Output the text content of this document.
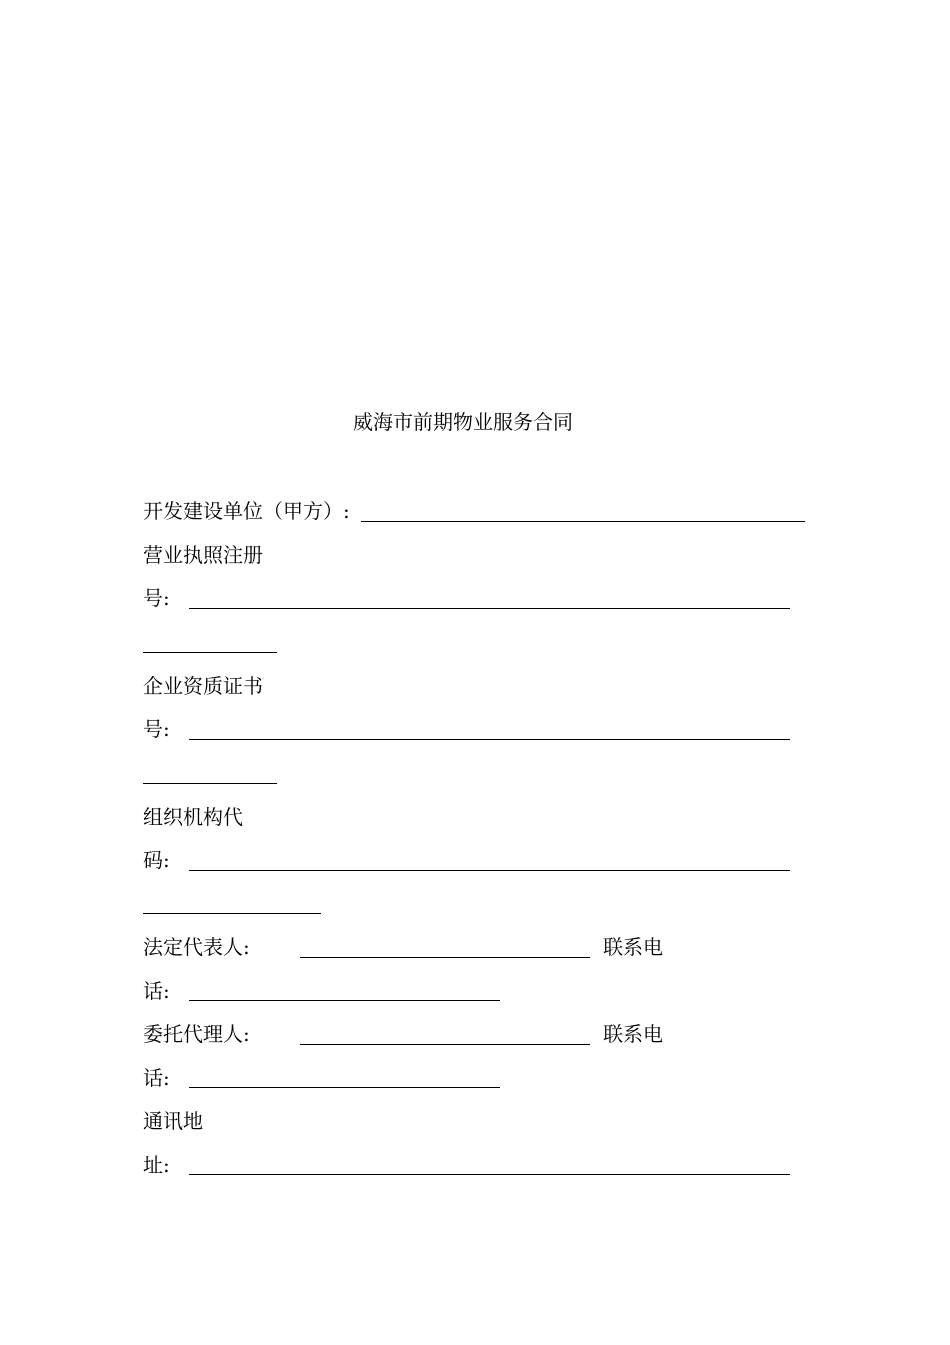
威海市前期物业服务合同
开发建设单位（甲方）:
营业执照注册
号:
企业资质证书
号:
组织机构代
码:
法定代表人:	联系电
话:
委托代理人:	联系电
话:
通讯地
址:
